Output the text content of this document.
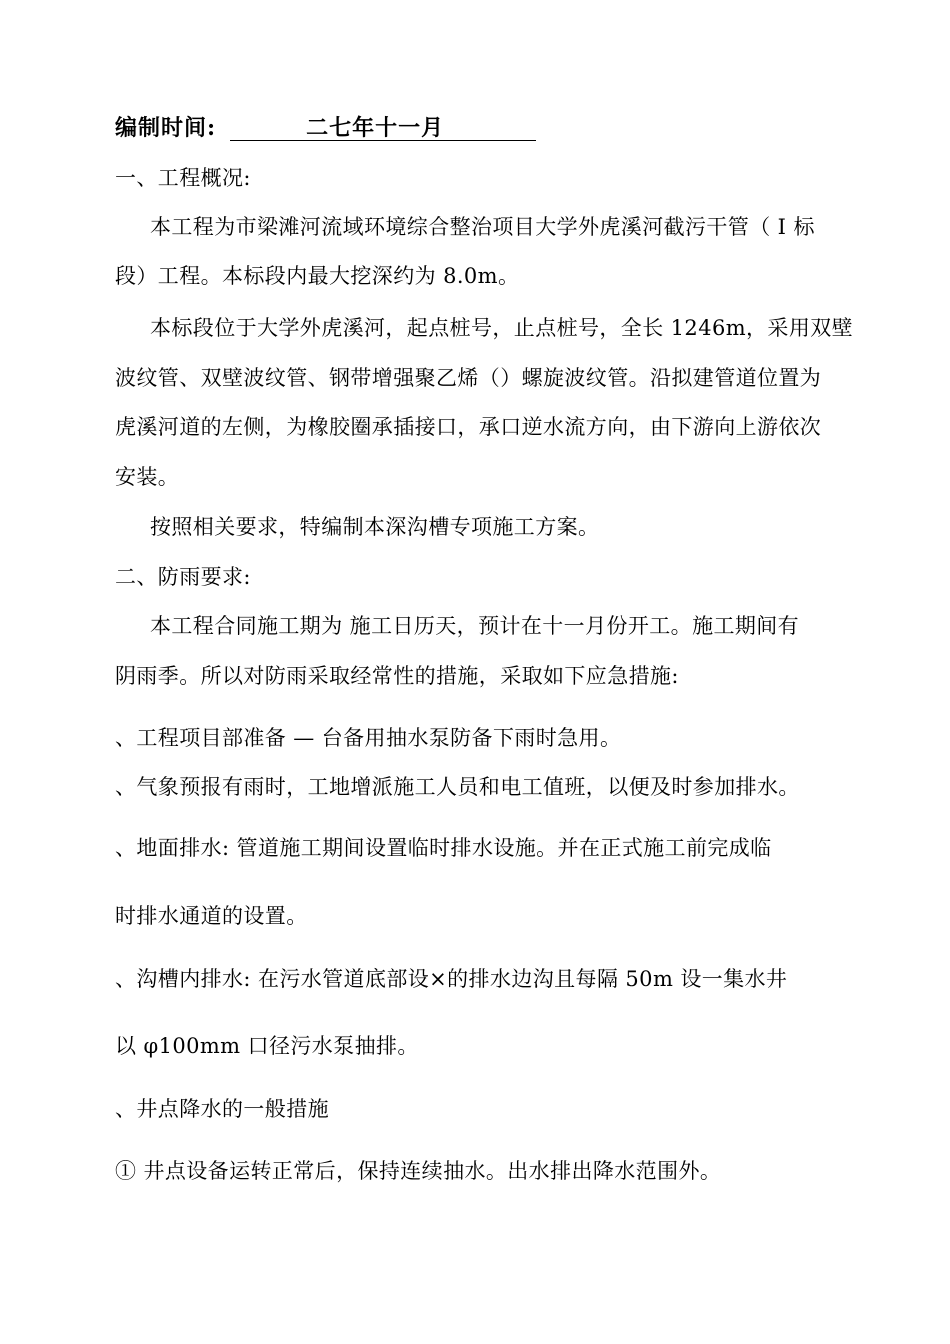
编制时间:	二七年十一月
一、工程概况:
本工程为市梁滩河流域环境综合整治项目大学外虎溪河截污干管（ I 标
段）工程。本标段内最大挖深约为 8.0m。
本标段位于大学外虎溪河，起点桩号，止点桩号，全长 1246m，采用双壁
波纹管、双壁波纹管、钢带增强聚乙烯（）螺旋波纹管。沿拟建管道位置为
虎溪河道的左侧，为橡胶圈承插接口，承口逆水流方向，由下游向上游依次
安装。
按照相关要求，特编制本深沟槽专项施工方案。
二、防雨要求:
本工程合同施工期为 施工日历天，预计在十一月份开工。施工期间有
阴雨季。所以对防雨采取经常性的措施，采取如下应急措施:
、工程项目部准备 — 台备用抽水泵防备下雨时急用。
、气象预报有雨时，工地增派施工人员和电工值班，以便及时参加排水。
、地面排水: 管道施工期间设置临时排水设施。并在正式施工前完成临
时排水通道的设置。
、沟槽内排水: 在污水管道底部设×的排水边沟且每隔 50m 设一集水井
以 φ100mm 口径污水泵抽排。
、井点降水的一般措施
① 井点设备运转正常后，保持连续抽水。出水排出降水范围外。
